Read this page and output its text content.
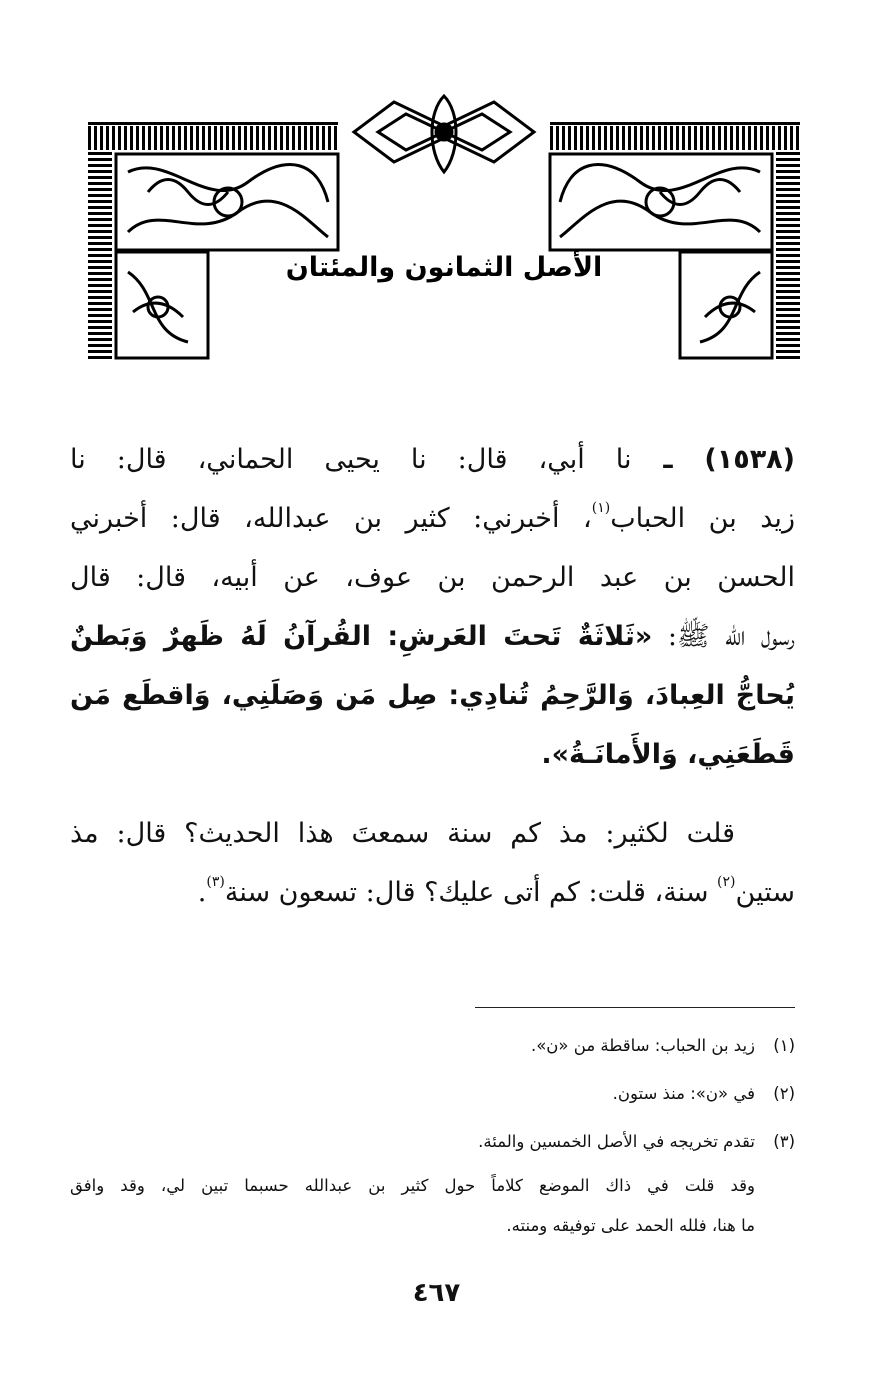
الأصل الثمانون والمئتان
(١٥٣٨) ـ نا أبي، قال: نا يحيى الحماني، قال: نا
زيد بن الحباب$^{(١)}$، أخبرني: كثير بن عبدالله، قال: أخبرني
الحسن بن عبد الرحمن بن عوف، عن أبيه، قال: قال
رسول الله ﷺ: «ثَلاثَةٌ تَحتَ العَرشِ: القُرآنُ لَهُ ظَهرٌ وَبَطنٌ
يُحاجُّ العِبادَ، وَالرَّحِمُ تُنادِي: صِل مَن وَصَلَنِي، وَاقطَع مَن
قَطَعَنِي، وَالأَمانَـةُ».
قلت لكثير: مذ كم سنة سمعتَ هذا الحديث؟ قال: مذ
ستين$^{(٢)}$ سنة، قلت: كم أتى عليك؟ قال: تسعون سنة$^{(٣)}$.
(١)زيد بن الحباب: ساقطة من «ن».
(٢)في «ن»: منذ ستون.
(٣)تقدم تخريجه في الأصل الخمسين والمئة.
وقد قلت في ذاك الموضع كلاماً حول كثير بن عبدالله حسبما تبين لي، وقد وافق
ما هنا، فلله الحمد على توفيقه ومنته.
٤٦٧
